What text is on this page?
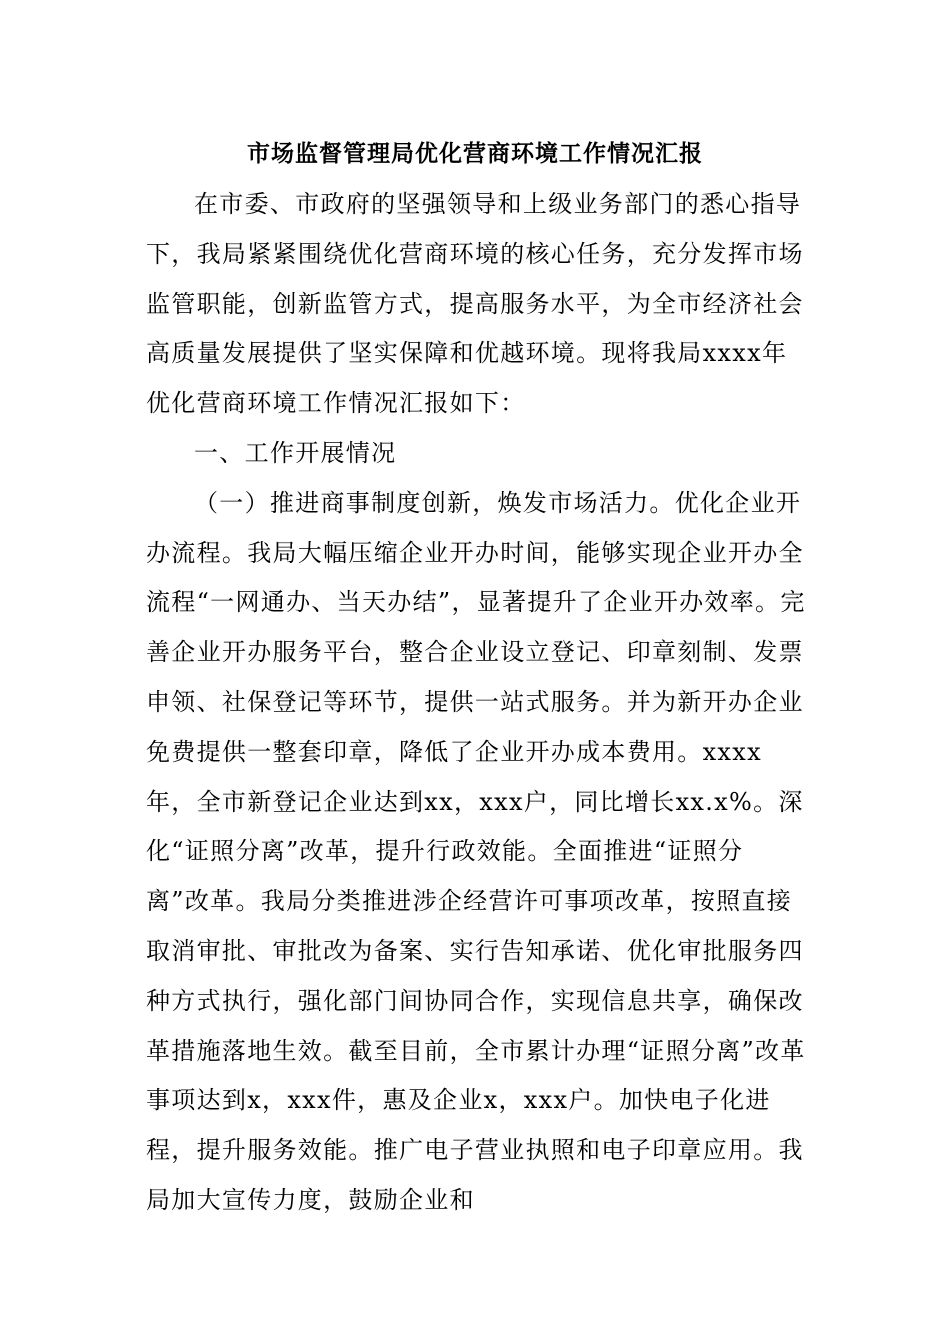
市场监督管理局优化营商环境工作情况汇报

在市委、市政府的坚强领导和上级业务部门的悉心指导下，我局紧紧围绕优化营商环境的核心任务，充分发挥市场监管职能，创新监管方式，提高服务水平，为全市经济社会高质量发展提供了坚实保障和优越环境。现将我局xxxx年优化营商环境工作情况汇报如下：

一、工作开展情况

（一）推进商事制度创新，焕发市场活力。优化企业开办流程。我局大幅压缩企业开办时间，能够实现企业开办全流程“一网通办、当天办结”，显著提升了企业开办效率。完善企业开办服务平台，整合企业设立登记、印章刻制、发票申领、社保登记等环节，提供一站式服务。并为新开办企业免费提供一整套印章，降低了企业开办成本费用。xxxx年，全市新登记企业达到xx，xxx户，同比增长xx.x%。深化“证照分离”改革，提升行政效能。全面推进“证照分离”改革。我局分类推进涉企经营许可事项改革，按照直接取消审批、审批改为备案、实行告知承诺、优化审批服务四种方式执行，强化部门间协同合作，实现信息共享，确保改革措施落地生效。截至目前，全市累计办理“证照分离”改革事项达到x，xxx件，惠及企业x，xxx户。加快电子化进程，提升服务效能。推广电子营业执照和电子印章应用。我局加大宣传力度，鼓励企业和
